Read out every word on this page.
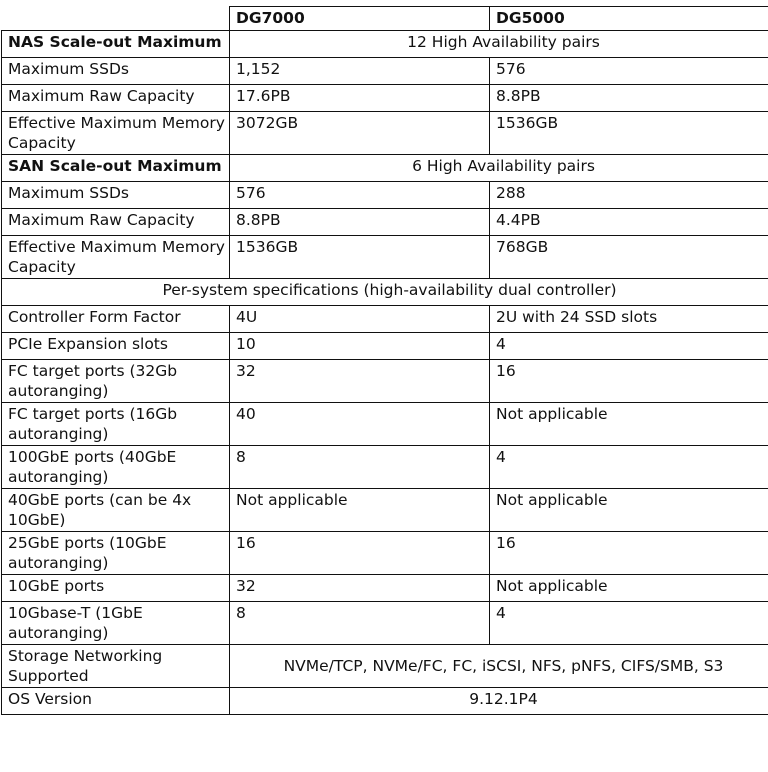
	DG7000	DG5000
NAS Scale-out Maximum	12 High Availability pairs	
Maximum SSDs	1,152	576
Maximum Raw Capacity	17.6PB	8.8PB
Effective Maximum Memory Capacity	3072GB	1536GB
SAN Scale-out Maximum	6 High Availability pairs	
Maximum SSDs	576	288
Maximum Raw Capacity	8.8PB	4.4PB
Effective Maximum Memory Capacity	1536GB	768GB
Per-system specifications (high-availability dual controller)		
Controller Form Factor	4U	2U with 24 SSD slots
PCIe Expansion slots	10	4
FC target ports (32Gb autoranging)	32	16
FC target ports (16Gb autoranging)	40	Not applicable
100GbE ports (40GbE autoranging)	8	4
40GbE ports (can be 4x 10GbE)	Not applicable	Not applicable
25GbE ports (10GbE autoranging)	16	16
10GbE ports	32	Not applicable
10Gbase-T (1GbE autoranging)	8	4
Storage Networking Supported	NVMe/TCP, NVMe/FC, FC, iSCSI, NFS, pNFS, CIFS/SMB, S3	
OS Version	9.12.1P4	
